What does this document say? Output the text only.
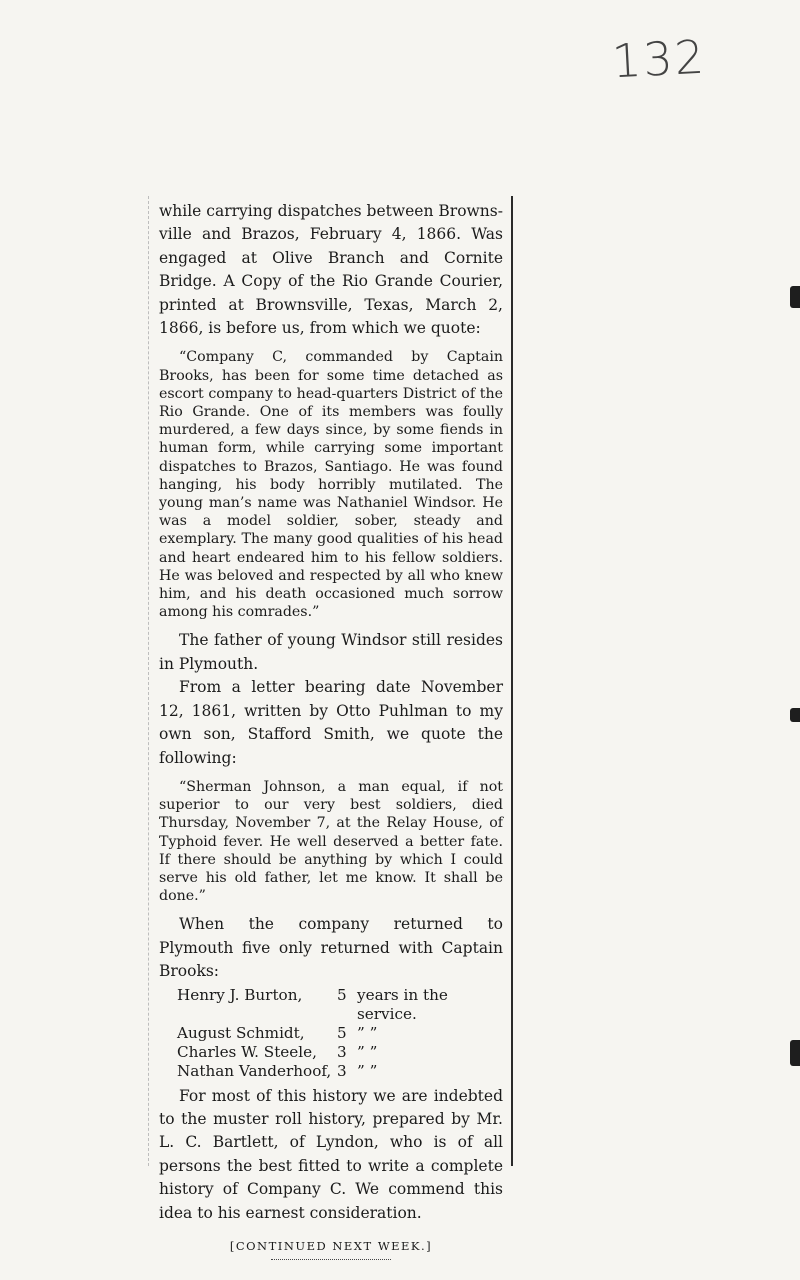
132

while carrying dispatches between Brownsville and Brazos, February 4, 1866. Was engaged at Olive Branch and Cornite Bridge. A Copy of the Rio Grande Courier, printed at Brownsville, Texas, March 2, 1866, is before us, from which we quote:

“Company C, commanded by Captain Brooks, has been for some time detached as escort company to head-quarters District of the Rio Grande. One of its members was foully murdered, a few days since, by some fiends in human form, while carrying some important dispatches to Brazos, Santiago. He was found hanging, his body horribly mutilated. The young man’s name was Nathaniel Windsor. He was a model soldier, sober, steady and exemplary. The many good qualities of his head and heart endeared him to his fellow soldiers. He was beloved and respected by all who knew him, and his death occasioned much sorrow among his comrades.”

The father of young Windsor still resides in Plymouth.

From a letter bearing date November 12, 1861, written by Otto Puhlman to my own son, Stafford Smith, we quote the following:

“Sherman Johnson, a man equal, if not superior to our very best soldiers, died Thursday, November 7, at the Relay House, of Typhoid fever. He well deserved a better fate. If there should be anything by which I could serve his old father, let me know. It shall be done.”

When the company returned to Plymouth five only returned with Captain Brooks:

Henry J. Burton,	5 years in the service.
August Schmidt,	5 ” ”
Charles W. Steele,	3 ” ”
Nathan Vanderhoof, 3 ” ”

For most of this history we are indebted to the muster roll history, prepared by Mr. L. C. Bartlett, of Lyndon, who is of all persons the best fitted to write a complete history of Company C. We commend this idea to his earnest consideration.

[CONTINUED NEXT WEEK.]
